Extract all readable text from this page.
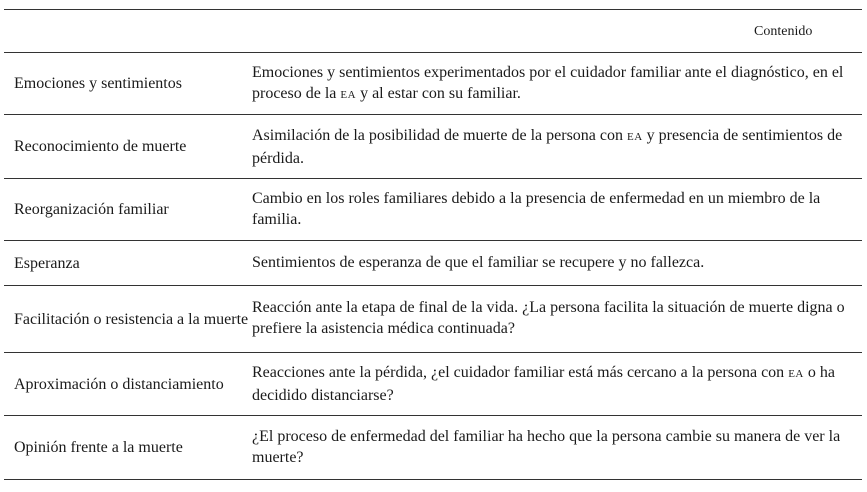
Contenido
Emociones y sentimientos
Emociones y sentimientos experimentados por el cuidador familiar ante el diagnóstico, en el proceso de la EA y al estar con su familiar.
Reconocimiento de muerte
Asimilación de la posibilidad de muerte de la persona con EA y presencia de sentimientos de pérdida.
Reorganización familiar
Cambio en los roles familiares debido a la presencia de enfermedad en un miembro de la familia.
Esperanza	Sentimientos de esperanza de que el familiar se recupere y no fallezca.
Facilitación o resistencia a la muerte
Reacción ante la etapa de final de la vida. ¿La persona facilita la situación de muerte digna o prefiere la asistencia médica continuada?
Aproximación o distanciamiento
Reacciones ante la pérdida, ¿el cuidador familiar está más cercano a la persona con EA o ha decidido distanciarse?
Opinión frente a la muerte
¿El proceso de enfermedad del familiar ha hecho que la persona cambie su manera de ver la muerte?
